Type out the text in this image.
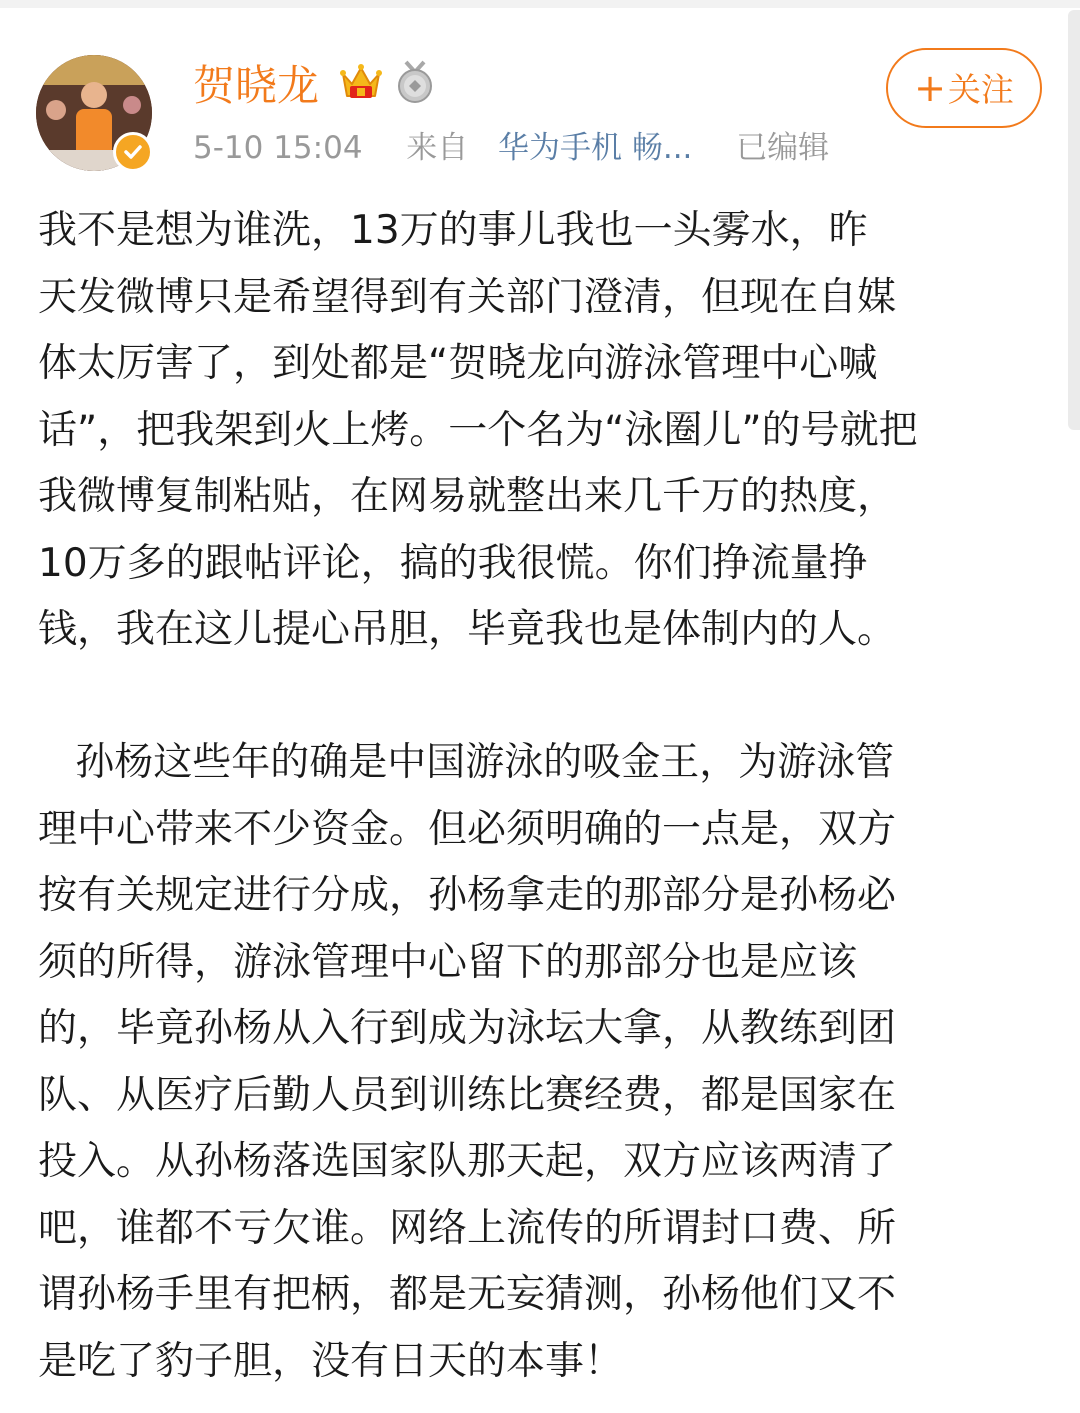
贺晓龙
5-10 15:04 来自 华为手机 畅... 已编辑
+关注

我不是想为谁洗，13万的事儿我也一头雾水，昨

天发微博只是希望得到有关部门澄清，但现在自媒

体太厉害了，到处都是“贺晓龙向游泳管理中心喊

话”，把我架到火上烤。一个名为“泳圈儿”的号就把

我微博复制粘贴，在网易就整出来几千万的热度，

10万多的跟帖评论，搞的我很慌。你们挣流量挣

钱，我在这儿提心吊胆，毕竟我也是体制内的人。

孙杨这些年的确是中国游泳的吸金王，为游泳管

理中心带来不少资金。但必须明确的一点是，双方

按有关规定进行分成，孙杨拿走的那部分是孙杨必

须的所得，游泳管理中心留下的那部分也是应该

的，毕竟孙杨从入行到成为泳坛大拿，从教练到团

队、从医疗后勤人员到训练比赛经费，都是国家在

投入。从孙杨落选国家队那天起，双方应该两清了

吧，谁都不亏欠谁。网络上流传的所谓封口费、所

谓孙杨手里有把柄，都是无妄猜测，孙杨他们又不

是吃了豹子胆，没有日天的本事！
